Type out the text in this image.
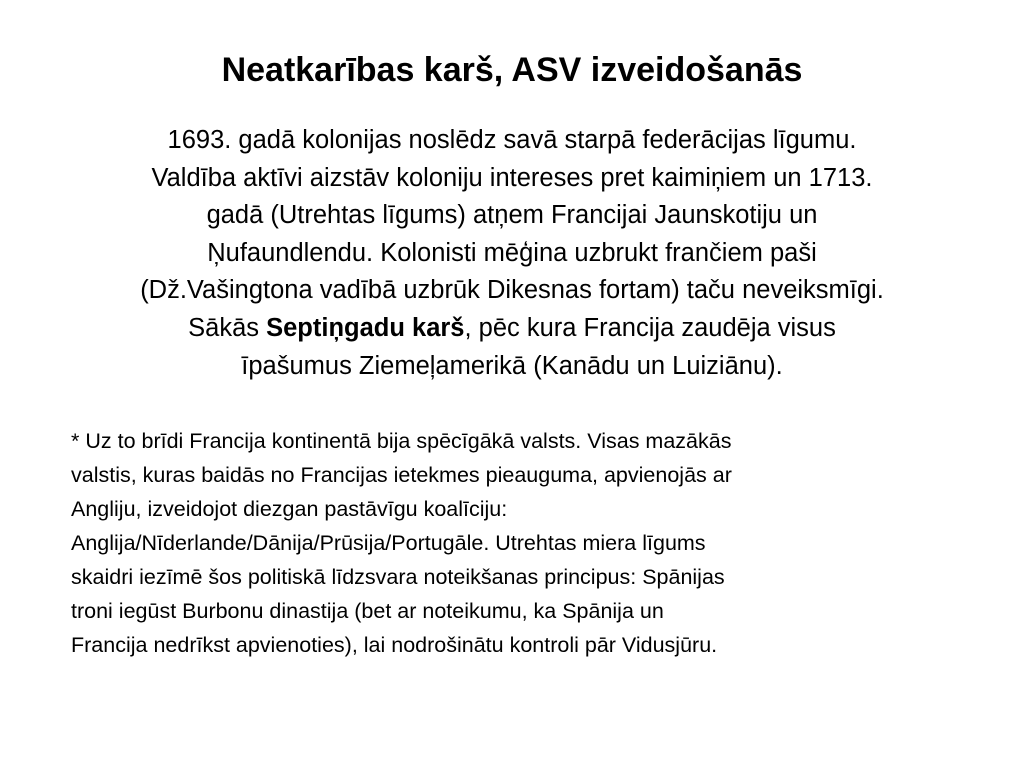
Neatkarības karš, ASV izveidošanās

1693. gadā kolonijas noslēdz savā starpā federācijas līgumu.
Valdība aktīvi aizstāv koloniju intereses pret kaimiņiem un 1713.
gadā (Utrehtas līgums) atņem Francijai Jaunskotiju un
Ņufaundlendu. Kolonisti mēģina uzbrukt frančiem paši
(Dž.Vašingtona vadībā uzbrūk Dikesnas fortam) taču neveiksmīgi.
Sākās Septiņgadu karš, pēc kura Francija zaudēja visus
īpašumus Ziemeļamerikā (Kanādu un Luiziānu).

* Uz to brīdi Francija kontinentā bija spēcīgākā valsts. Visas mazākās
valstis, kuras baidās no Francijas ietekmes pieauguma, apvienojās ar
Angliju, izveidojot diezgan pastāvīgu koalīciju:
Anglija/Nīderlande/Dānija/Prūsija/Portugāle. Utrehtas miera līgums
skaidri iezīmē šos politiskā līdzsvara noteikšanas principus: Spānijas
troni iegūst Burbonu dinastija (bet ar noteikumu, ka Spānija un
Francija nedrīkst apvienoties), lai nodrošinātu kontroli pār Vidusjūru.
